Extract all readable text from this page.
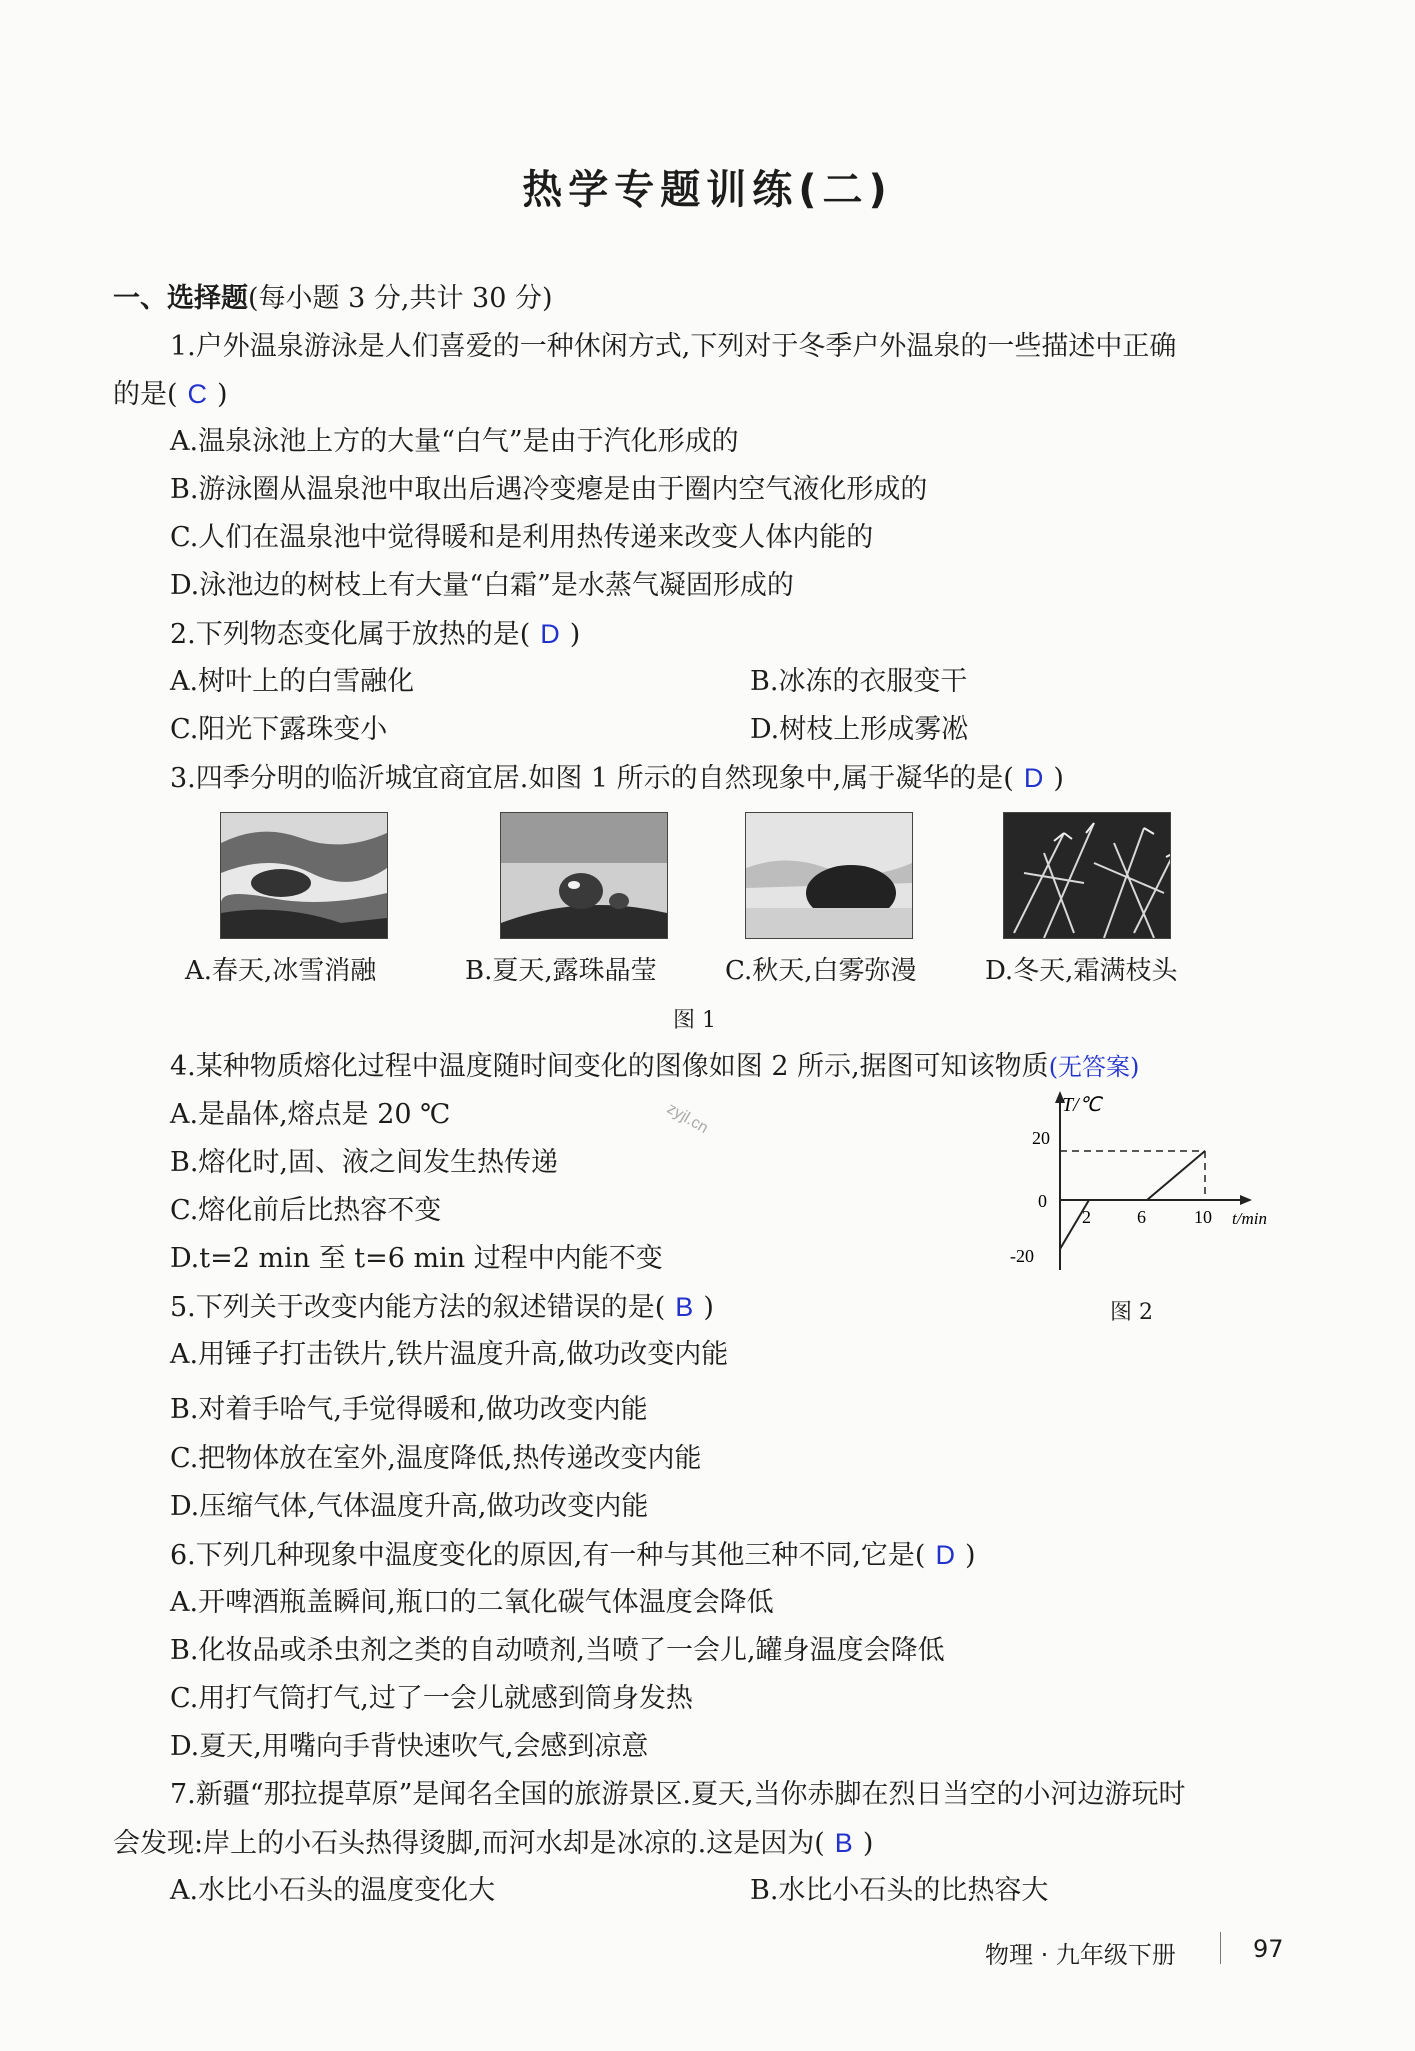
热学专题训练(二)
一、选择题(每小题 3 分,共计 30 分)
1.户外温泉游泳是人们喜爱的一种休闲方式,下列对于冬季户外温泉的一些描述中正确
的是( C )
A.温泉泳池上方的大量“白气”是由于汽化形成的
B.游泳圈从温泉池中取出后遇冷变瘪是由于圈内空气液化形成的
C.人们在温泉池中觉得暖和是利用热传递来改变人体内能的
D.泳池边的树枝上有大量“白霜”是水蒸气凝固形成的
2.下列物态变化属于放热的是( D )
A.树叶上的白雪融化	B.冰冻的衣服变干
C.阳光下露珠变小	D.树枝上形成雾凇
3.四季分明的临沂城宜商宜居.如图 1 所示的自然现象中,属于凝华的是( D )
A.春天,冰雪消融	B.夏天,露珠晶莹	C.秋天,白雾弥漫	D.冬天,霜满枝头
图 1
4.某种物质熔化过程中温度随时间变化的图像如图 2 所示,据图可知该物质(无答案)
A.是晶体,熔点是 20 ℃
B.熔化时,固、液之间发生热传递
C.熔化前后比热容不变
D.t=2 min 至 t=6 min 过程中内能不变
zyjl.cn	T/℃
t/min
20
0
-20
2	6	10
图 2
5.下列关于改变内能方法的叙述错误的是( B )
A.用锤子打击铁片,铁片温度升高,做功改变内能
B.对着手哈气,手觉得暖和,做功改变内能
C.把物体放在室外,温度降低,热传递改变内能
D.压缩气体,气体温度升高,做功改变内能
6.下列几种现象中温度变化的原因,有一种与其他三种不同,它是( D )
A.开啤酒瓶盖瞬间,瓶口的二氧化碳气体温度会降低
B.化妆品或杀虫剂之类的自动喷剂,当喷了一会儿,罐身温度会降低
C.用打气筒打气,过了一会儿就感到筒身发热
D.夏天,用嘴向手背快速吹气,会感到凉意
7.新疆“那拉提草原”是闻名全国的旅游景区.夏天,当你赤脚在烈日当空的小河边游玩时
会发现:岸上的小石头热得烫脚,而河水却是冰凉的.这是因为( B )
A.水比小石头的温度变化大	B.水比小石头的比热容大
物理 · 九年级下册	97
